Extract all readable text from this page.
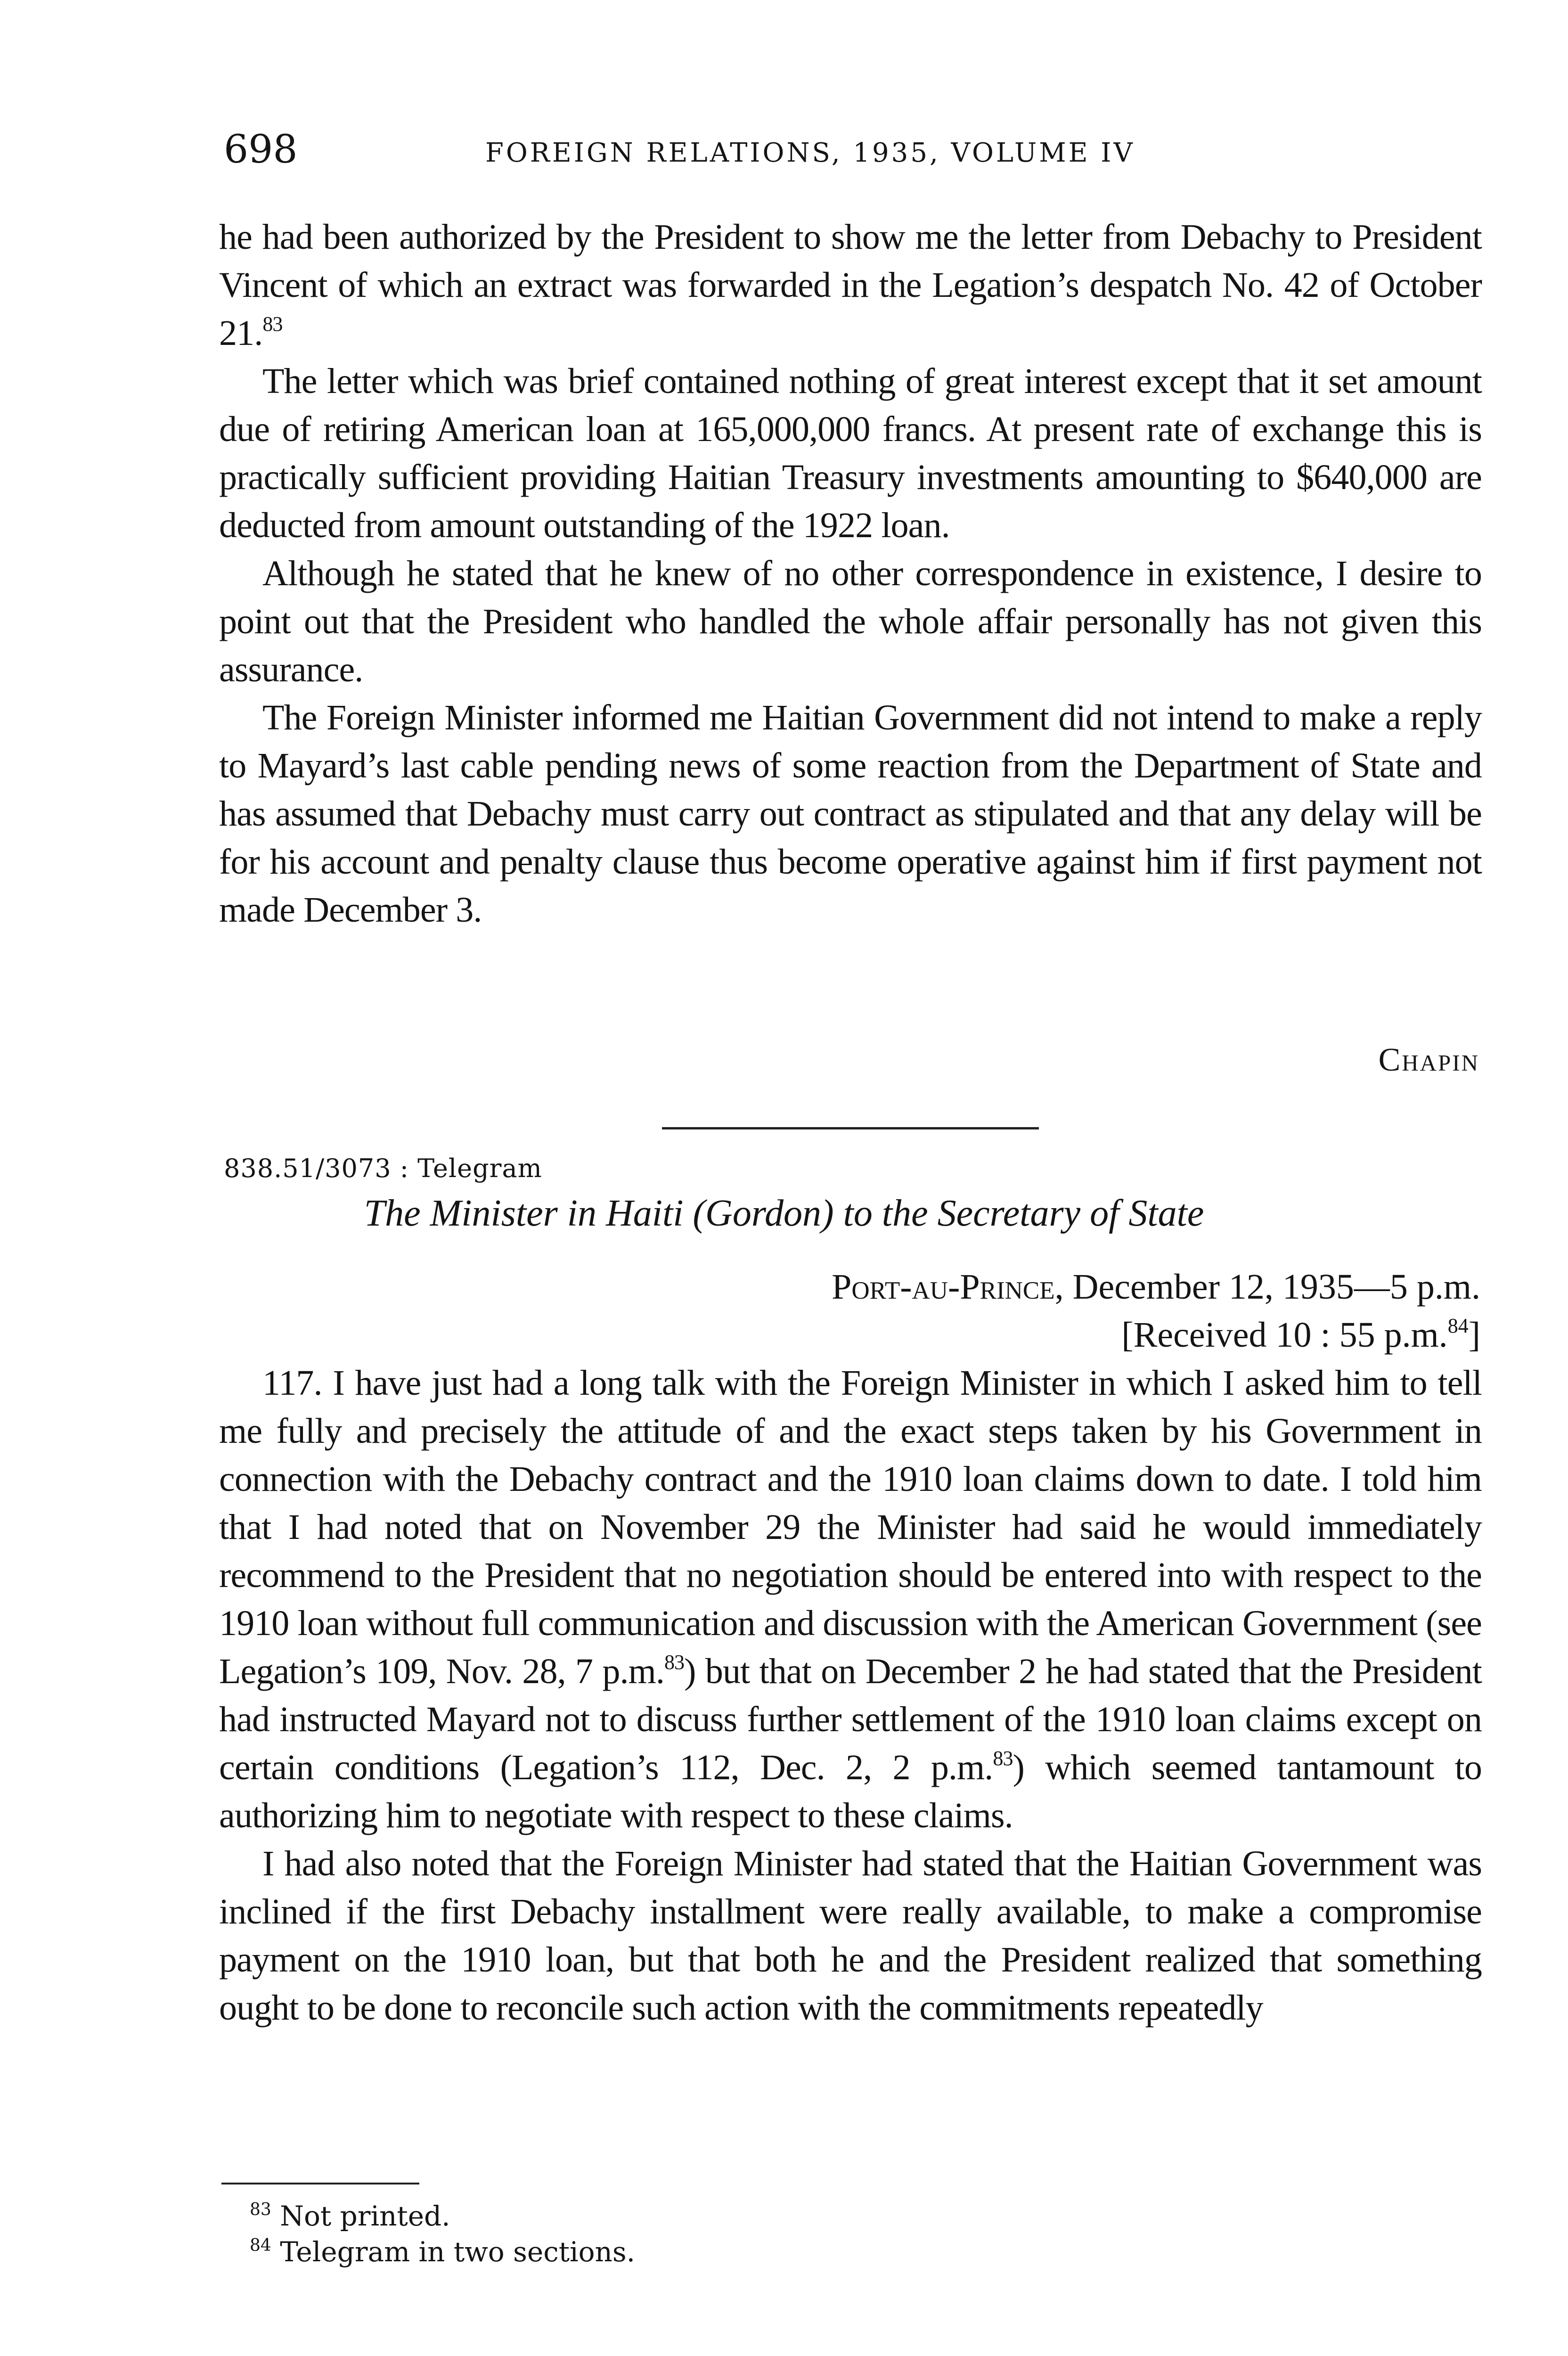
698	FOREIGN RELATIONS, 1935, VOLUME IV

he had been authorized by the President to show me the letter from Debachy to President Vincent of which an extract was forwarded in the Legation’s despatch No. 42 of October 21.83

The letter which was brief contained nothing of great interest except that it set amount due of retiring American loan at 165,000,000 francs. At present rate of exchange this is practically sufficient providing Haitian Treasury investments amounting to $640,000 are deducted from amount outstanding of the 1922 loan.

Although he stated that he knew of no other correspondence in existence, I desire to point out that the President who handled the whole affair personally has not given this assurance.

The Foreign Minister informed me Haitian Government did not intend to make a reply to Mayard’s last cable pending news of some reaction from the Department of State and has assumed that Debachy must carry out contract as stipulated and that any delay will be for his account and penalty clause thus become operative against him if first payment not made December 3.

Chapin
838.51/3073 : Telegram
The Minister in Haiti (Gordon) to the Secretary of State
Port-au-Prince, December 12, 1935—5 p.m.
[Received 10 : 55 p.m.$^{84}$]

117. I have just had a long talk with the Foreign Minister in which I asked him to tell me fully and precisely the attitude of and the exact steps taken by his Government in connection with the Debachy contract and the 1910 loan claims down to date. I told him that I had noted that on November 29 the Minister had said he would immediately recommend to the President that no negotiation should be entered into with respect to the 1910 loan without full communication and discussion with the American Government (see Legation’s 109, Nov. 28, 7 p.m.$^{83}$) but that on December 2 he had stated that the President had instructed Mayard not to discuss further settlement of the 1910 loan claims except on certain conditions (Legation’s 112, Dec. 2, 2 p.m.$^{83}$) which seemed tantamount to authorizing him to negotiate with respect to these claims.

I had also noted that the Foreign Minister had stated that the Haitian Government was inclined if the first Debachy installment were really available, to make a compromise payment on the 1910 loan, but that both he and the President realized that something ought to be done to reconcile such action with the commitments repeatedly

$^{83}$ Not printed.
$^{84}$ Telegram in two sections.
